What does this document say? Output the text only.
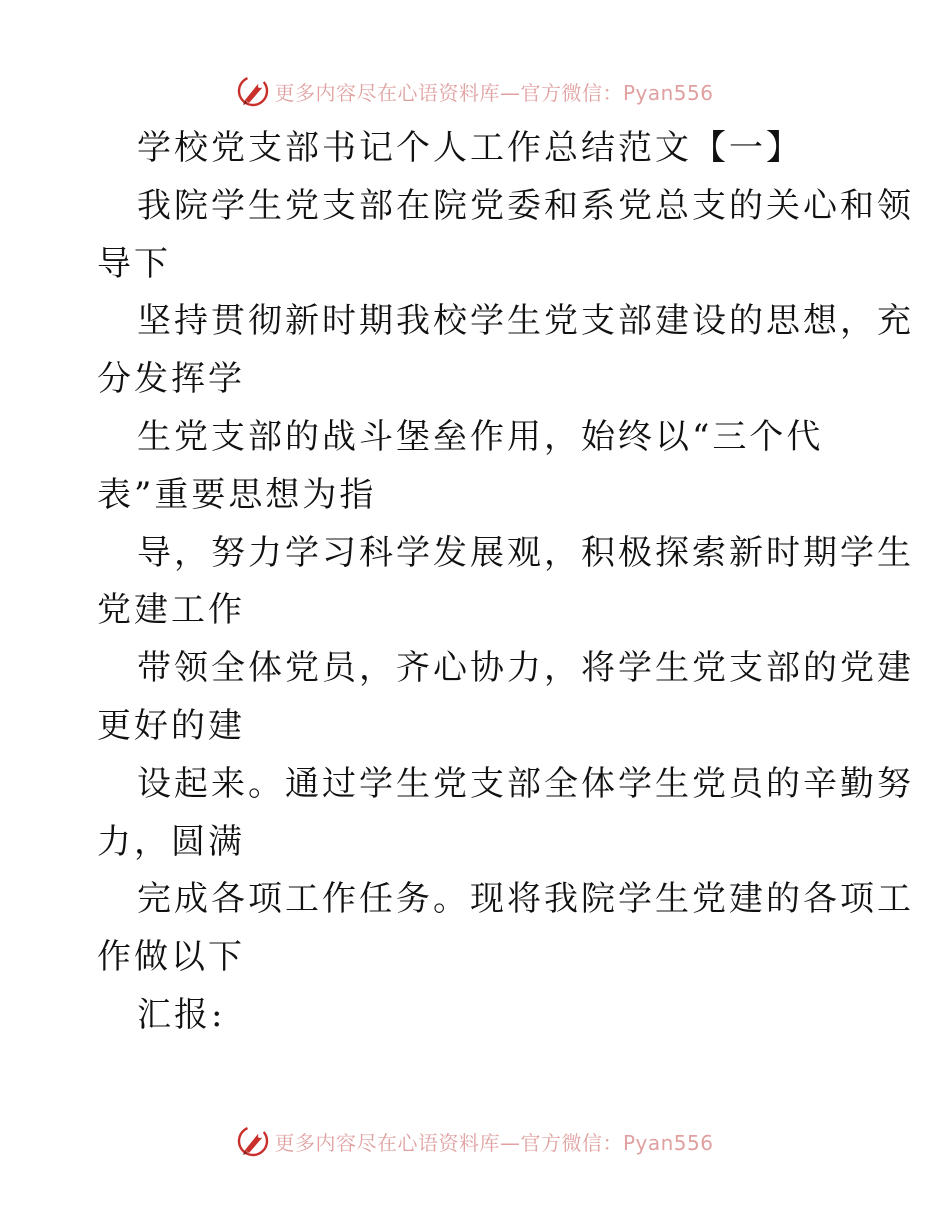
更多内容尽在心语资料库—官方微信：Pyan556
学校党支部书记个人工作总结范文【一】
我院学生党支部在院党委和系党总支的关心和领
导下
坚持贯彻新时期我校学生党支部建设的思想，充
分发挥学
生党支部的战斗堡垒作用，始终以“三个代
表”重要思想为指
导，努力学习科学发展观，积极探索新时期学生
党建工作
带领全体党员，齐心协力，将学生党支部的党建
更好的建
设起来。通过学生党支部全体学生党员的辛勤努
力，圆满
完成各项工作任务。现将我院学生党建的各项工
作做以下
汇报:
更多内容尽在心语资料库—官方微信：Pyan556
